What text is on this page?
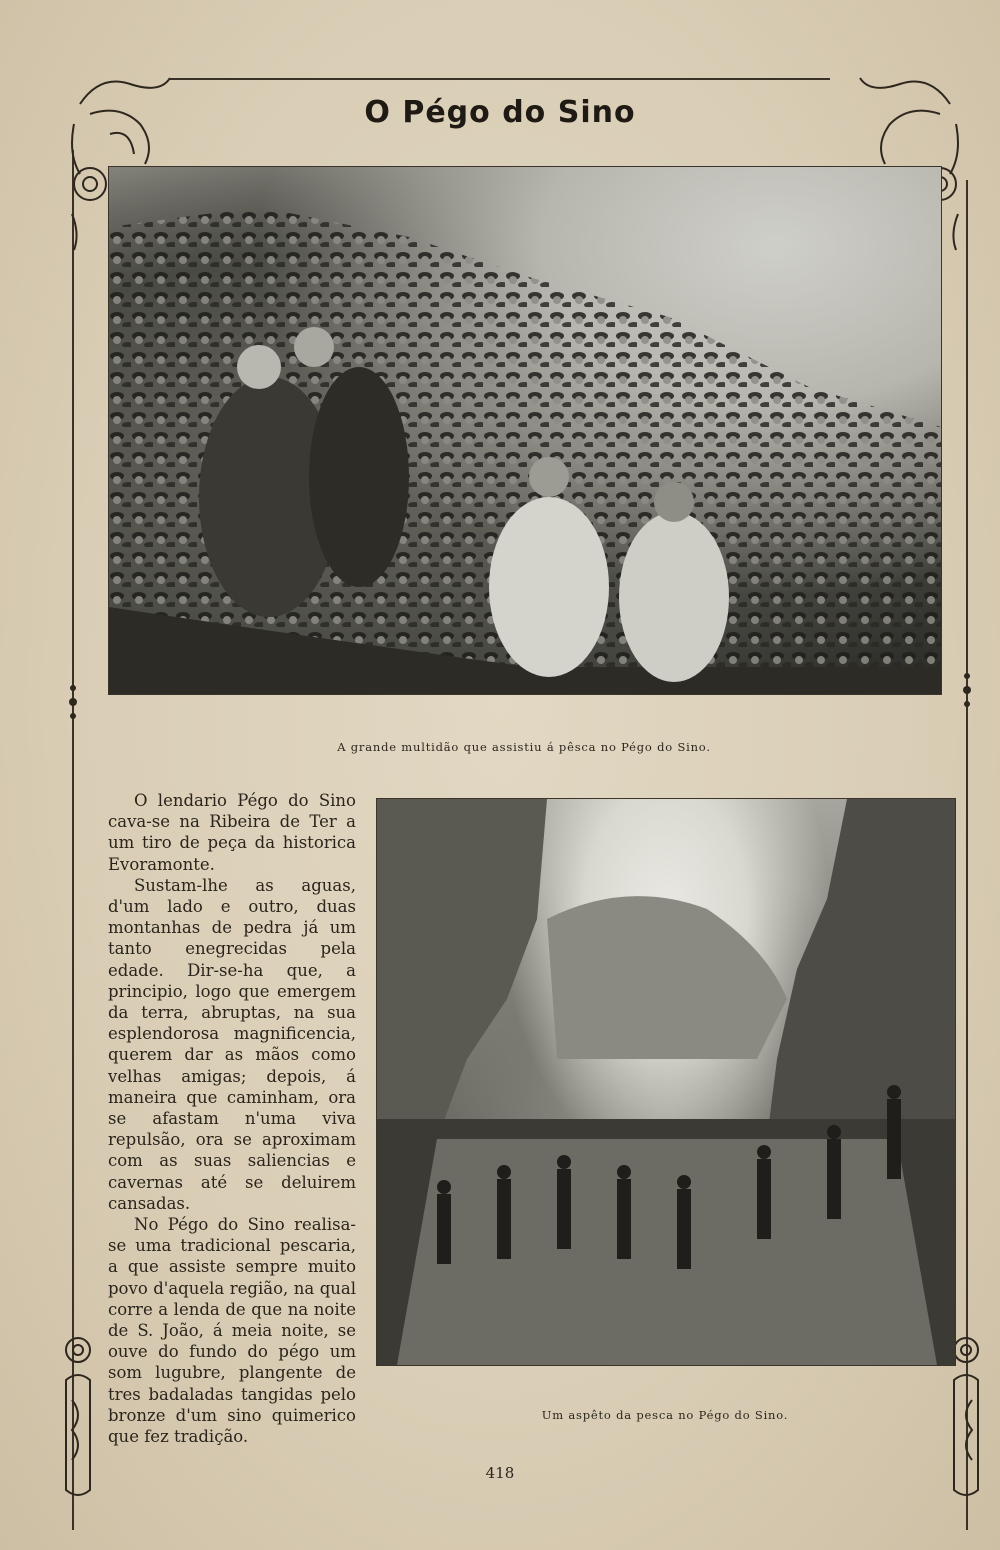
O Pégo do Sino
A grande multidão que assistiu á pêsca no Pégo do Sino.

O lendario Pégo do Sino cava-se na Ribeira de Ter a um tiro de peça da historica Evoramonte.

Sustam-lhe as aguas, d'um lado e outro, duas montanhas de pedra já um tanto enegrecidas pela edade. Dir-se-ha que, a principio, logo que emergem da terra, abruptas, na sua esplendorosa magnificencia, querem dar as mãos como velhas amigas; depois, á maneira que caminham, ora se afastam n'uma viva repulsão, ora se aproximam com as suas saliencias e cavernas até se deluirem cansadas.

No Pégo do Sino realisa-se uma tradicional pescaria, a que assiste sempre muito povo d'aquela região, na qual corre a lenda de que na noite de S. João, á meia noite, se ouve do fundo do pégo um som lugubre, plangente de tres badaladas tangidas pelo bronze d'um sino quimerico que fez tradição.

Um aspêto da pesca no Pégo do Sino.
418
